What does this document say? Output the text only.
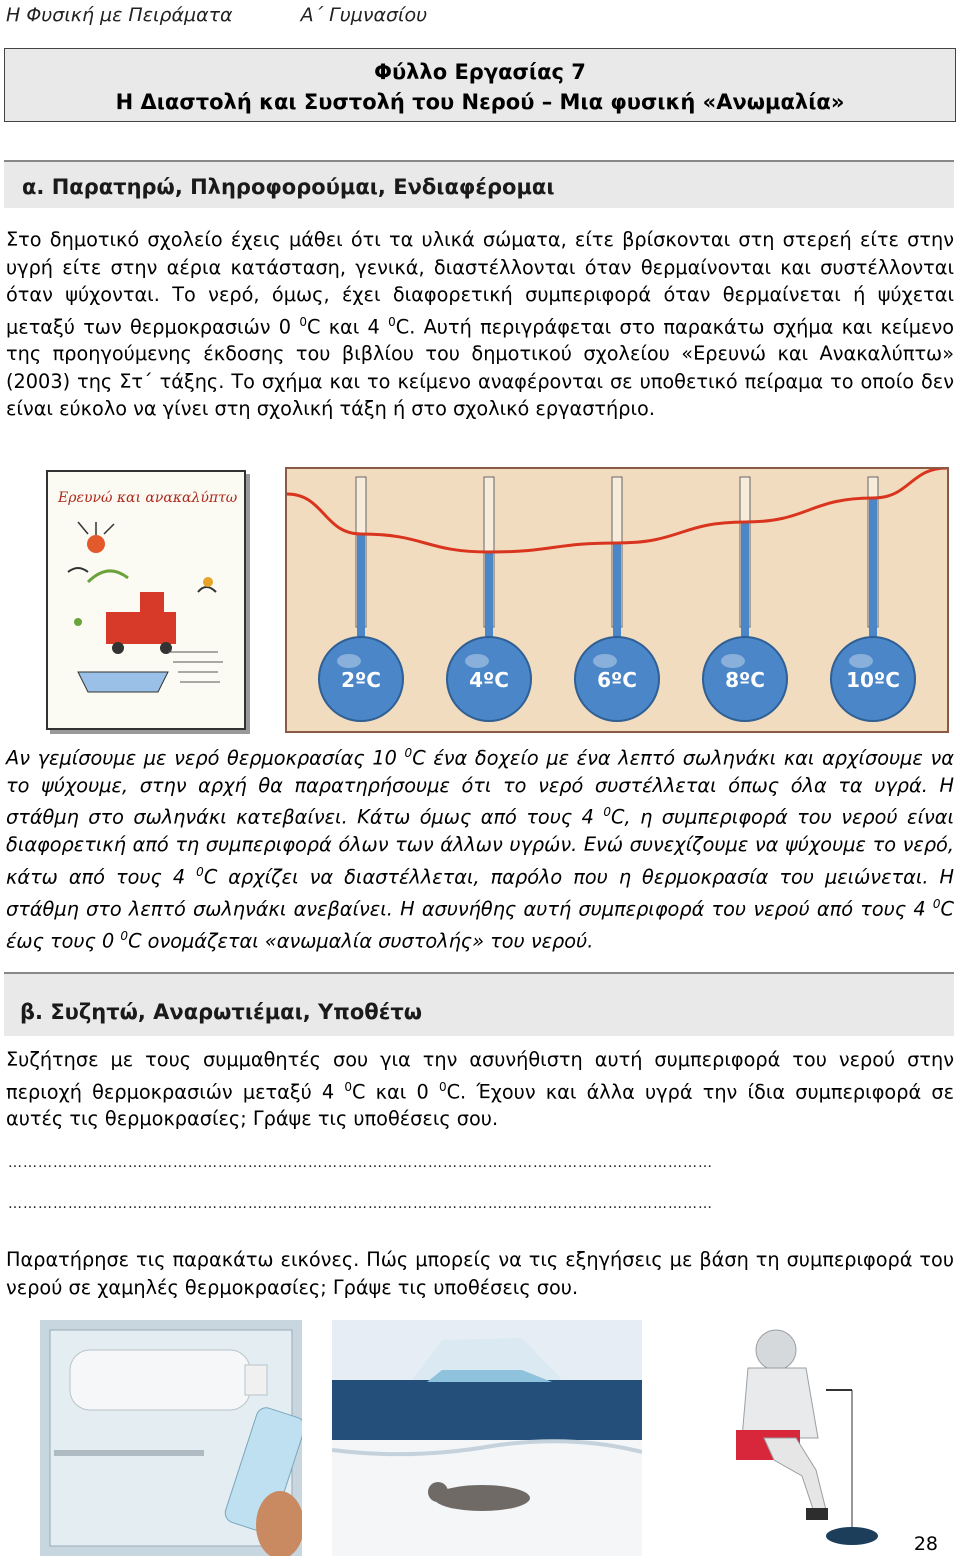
Η Φυσική με Πειράματα	Α΄ Γυμνασίου
Φύλλο Εργασίας 7
Η Διαστολή και Συστολή του Νερού – Μια φυσική «Ανωμαλία»
α. Παρατηρώ, Πληροφορούμαι, Ενδιαφέρομαι
Στο δημοτικό σχολείο έχεις μάθει ότι τα υλικά σώματα, είτε βρίσκονται στη στερεή είτε στην υγρή είτε στην αέρια κατάσταση, γενικά, διαστέλλονται όταν θερμαίνονται και συστέλλονται όταν ψύχονται. Το νερό, όμως, έχει διαφορετική συμπεριφορά όταν θερμαίνεται ή ψύχεται μεταξύ των θερμοκρασιών 0 $^0$C και 4 $^0$C. Αυτή περιγράφεται στο παρακάτω σχήμα και κείμενο της προηγούμενης έκδοσης του βιβλίου του δημοτικού σχολείου «Ερευνώ και Ανακαλύπτω» (2003) της Στ΄ τάξης. Το σχήμα και το κείμενο αναφέρονται σε υποθετικό πείραμα το οποίο δεν είναι εύκολο να γίνει στη σχολική τάξη ή στο σχολικό εργαστήριο.
Ερευνώ και ανακαλύπτω
2ºC	4ºC	6ºC	8ºC	10ºC
Αν γεμίσουμε με νερό θερμοκρασίας 10 $^0$C ένα δοχείο με ένα λεπτό σωληνάκι και αρχίσουμε να το ψύχουμε, στην αρχή θα παρατηρήσουμε ότι το νερό συστέλλεται όπως όλα τα υγρά. Η στάθμη στο σωληνάκι κατεβαίνει. Κάτω όμως από τους 4 $^0$C, η συμπεριφορά του νερού είναι διαφορετική από τη συμπεριφορά όλων των άλλων υγρών. Ενώ συνεχίζουμε να ψύχουμε το νερό, κάτω από τους 4 $^0$C αρχίζει να διαστέλλεται, παρόλο που η θερμοκρασία του μειώνεται. Η στάθμη στο λεπτό σωληνάκι ανεβαίνει. Η ασυνήθης αυτή συμπεριφορά του νερού από τους 4 $^0$C έως τους 0 $^0$C ονομάζεται «ανωμαλία συστολής» του νερού.
β. Συζητώ, Αναρωτιέμαι, Υποθέτω
Συζήτησε με τους συμμαθητές σου για την ασυνήθιστη αυτή συμπεριφορά του νερού στην περιοχή θερμοκρασιών μεταξύ 4 $^0$C και 0 $^0$C. Έχουν και άλλα υγρά την ίδια συμπεριφορά σε αυτές τις θερμοκρασίες; Γράψε τις υποθέσεις σου.
……………………………………………………………………………………………………………………………
……………………………………………………………………………………………………………………………
Παρατήρησε τις παρακάτω εικόνες. Πώς μπορείς να τις εξηγήσεις με βάση τη συμπεριφορά του νερού σε χαμηλές θερμοκρασίες; Γράψε τις υποθέσεις σου.
28
